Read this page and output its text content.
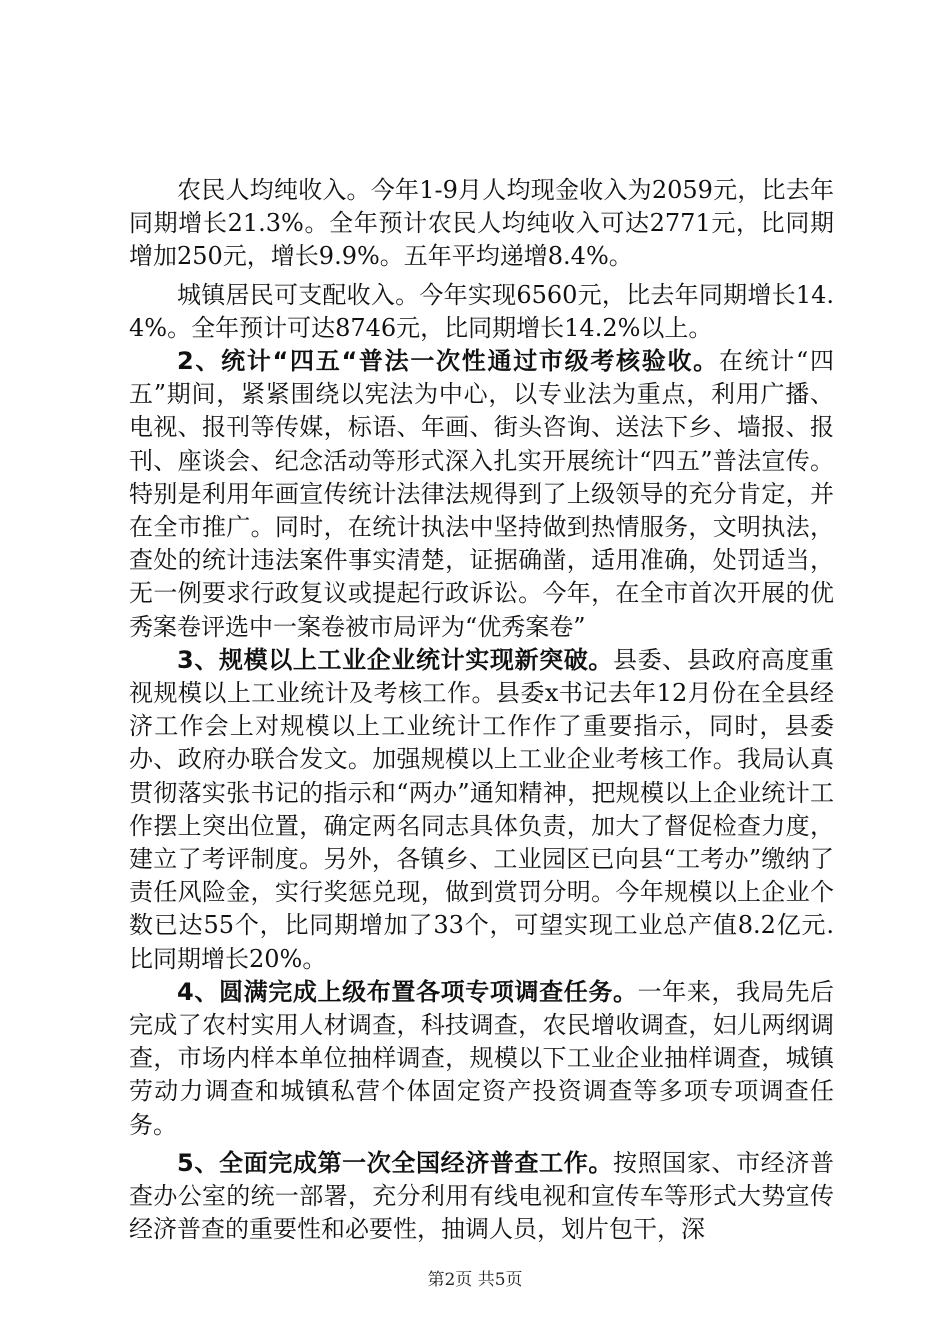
农民人均纯收入。今年1-9月人均现金收入为2059元，比去年同期增长21.3%。全年预计农民人均纯收入可达2771元，比同期增加250元，增长9.9%。五年平均递增8.4%。

城镇居民可支配收入。今年实现6560元，比去年同期增长14.4%。全年预计可达8746元，比同期增长14.2%以上。

2、统计“四五“普法一次性通过市级考核验收。在统计“四五”期间，紧紧围绕以宪法为中心，以专业法为重点，利用广播、电视、报刊等传媒，标语、年画、街头咨询、送法下乡、墙报、报刊、座谈会、纪念活动等形式深入扎实开展统计“四五”普法宣传。特别是利用年画宣传统计法律法规得到了上级领导的充分肯定，并在全市推广。同时，在统计执法中坚持做到热情服务，文明执法，查处的统计违法案件事实清楚，证据确凿，适用准确，处罚适当，无一例要求行政复议或提起行政诉讼。今年，在全市首次开展的优秀案卷评选中一案卷被市局评为“优秀案卷”

3、规模以上工业企业统计实现新突破。县委、县政府高度重视规模以上工业统计及考核工作。县委x书记去年12月份在全县经济工作会上对规模以上工业统计工作作了重要指示，同时，县委办、政府办联合发文。加强规模以上工业企业考核工作。我局认真贯彻落实张书记的指示和“两办”通知精神，把规模以上企业统计工作摆上突出位置，确定两名同志具体负责，加大了督促检查力度，建立了考评制度。另外，各镇乡、工业园区已向县“工考办”缴纳了责任风险金，实行奖惩兑现，做到赏罚分明。今年规模以上企业个数已达55个，比同期增加了33个，可望实现工业总产值8.2亿元.比同期增长20%。

4、圆满完成上级布置各项专项调查任务。一年来，我局先后完成了农村实用人材调查，科技调查，农民增收调查，妇儿两纲调查，市场内样本单位抽样调查，规模以下工业企业抽样调查，城镇劳动力调查和城镇私营个体固定资产投资调查等多项专项调查任务。

5、全面完成第一次全国经济普查工作。按照国家、市经济普查办公室的统一部署，充分利用有线电视和宣传车等形式大势宣传经济普查的重要性和必要性，抽调人员，划片包干，深

第2页 共5页
